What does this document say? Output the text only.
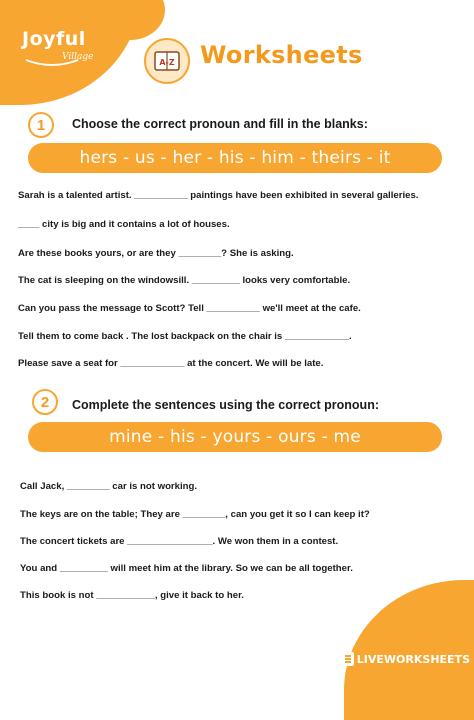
Joyful
Village
A-Z Worksheets
1	Choose the correct pronoun and fill in the blanks:
hers - us - her - his - him - theirs - it
Sarah is a talented artist. __________ paintings have been exhibited in several galleries.
____ city is big and it contains a lot of houses.
Are these books yours, or are they ________? She is asking.
The cat is sleeping on the windowsill. _________ looks very comfortable.
Can you pass the message to Scott? Tell __________ we'll meet at the cafe.
Tell them to come back . The lost backpack on the chair is ____________.
Please save a seat for ____________ at the concert. We will be late.
2	Complete the sentences using the correct pronoun:
mine - his - yours - ours - me
Call Jack, ________ car is not working.
The keys are on the table; They are ________, can you get it so I can keep it?
The concert tickets are ________________. We won them in a contest.
You and _________ will meet him at the library. So we can be all together.
This book is not ___________, give it back to her.
LIVEWORKSHEETS
